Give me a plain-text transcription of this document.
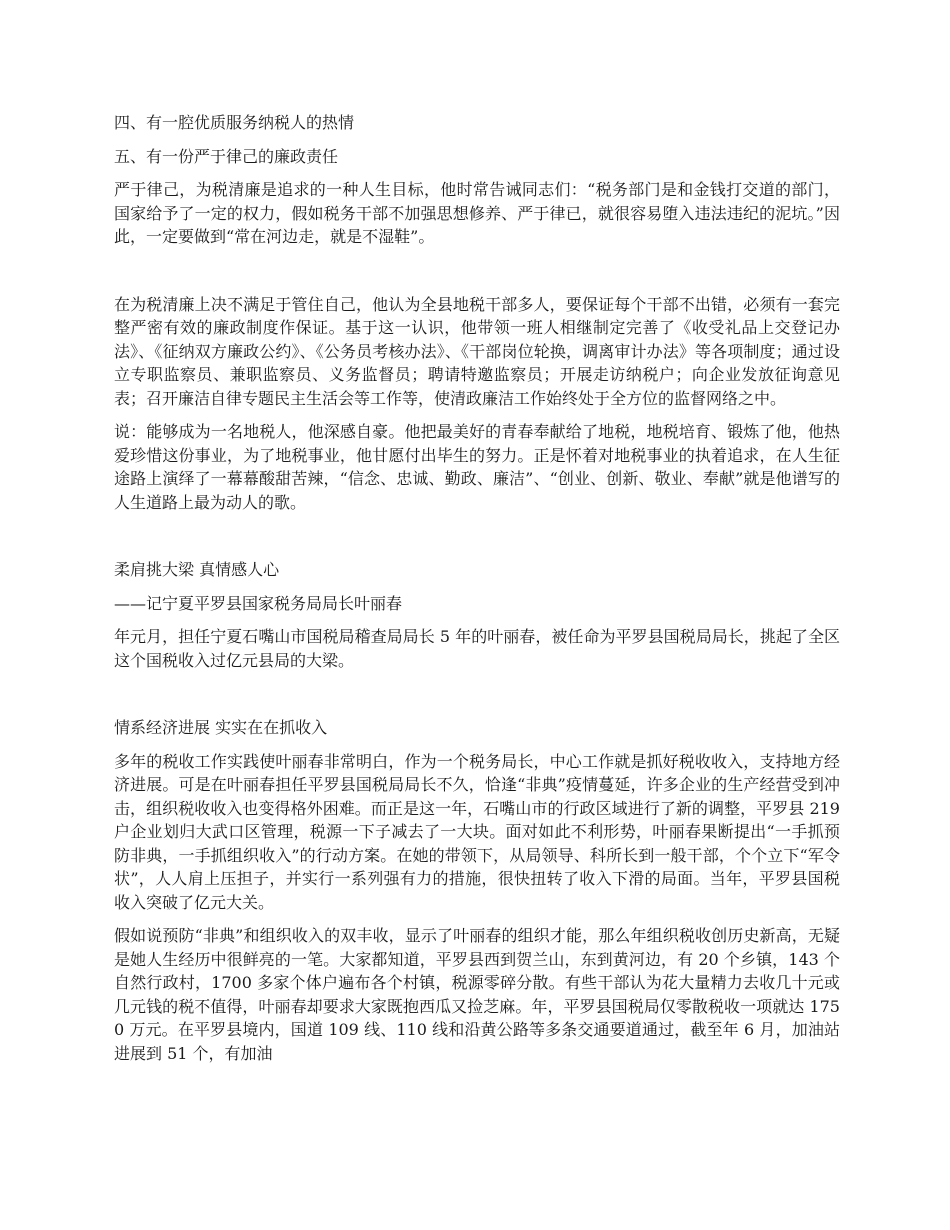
四、有一腔优质服务纳税人的热情

五、有一份严于律己的廉政责任

严于律己，为税清廉是追求的一种人生目标，他时常告诫同志们：“税务部门是和金钱打交道的部门，国家给予了一定的权力，假如税务干部不加强思想修养、严于律已，就很容易堕入违法违纪的泥坑。”因此，一定要做到“常在河边走，就是不湿鞋”。

在为税清廉上决不满足于管住自己，他认为全县地税干部多人，要保证每个干部不出错，必须有一套完整严密有效的廉政制度作保证。基于这一认识，他带领一班人相继制定完善了《收受礼品上交登记办法》、《征纳双方廉政公约》、《公务员考核办法》、《干部岗位轮换，调离审计办法》等各项制度；通过设立专职监察员、兼职监察员、义务监督员；聘请特邀监察员；开展走访纳税户；向企业发放征询意见表；召开廉洁自律专题民主生活会等工作等，使清政廉洁工作始终处于全方位的监督网络之中。

说：能够成为一名地税人，他深感自豪。他把最美好的青春奉献给了地税，地税培育、锻炼了他，他热爱珍惜这份事业，为了地税事业，他甘愿付出毕生的努力。正是怀着对地税事业的执着追求，在人生征途路上演绎了一幕幕酸甜苦辣，“信念、忠诚、勤政、廉洁”、“创业、创新、敬业、奉献”就是他谱写的人生道路上最为动人的歌。

柔肩挑大梁 真情感人心

——记宁夏平罗县国家税务局局长叶丽春

年元月，担任宁夏石嘴山市国税局稽查局局长 5 年的叶丽春，被任命为平罗县国税局局长，挑起了全区这个国税收入过亿元县局的大梁。

情系经济进展 实实在在抓收入

多年的税收工作实践使叶丽春非常明白，作为一个税务局长，中心工作就是抓好税收收入，支持地方经济进展。可是在叶丽春担任平罗县国税局局长不久，恰逢“非典”疫情蔓延，许多企业的生产经营受到冲击，组织税收收入也变得格外困难。而正是这一年，石嘴山市的行政区域进行了新的调整，平罗县 219 户企业划归大武口区管理，税源一下子减去了一大块。面对如此不利形势，叶丽春果断提出“一手抓预防非典，一手抓组织收入”的行动方案。在她的带领下，从局领导、科所长到一般干部，个个立下“军令状”，人人肩上压担子，并实行一系列强有力的措施，很快扭转了收入下滑的局面。当年，平罗县国税收入突破了亿元大关。

假如说预防“非典”和组织收入的双丰收，显示了叶丽春的组织才能，那么年组织税收创历史新高，无疑是她人生经历中很鲜亮的一笔。大家都知道，平罗县西到贺兰山，东到黄河边，有 20 个乡镇，143 个自然行政村，1700 多家个体户遍布各个村镇，税源零碎分散。有些干部认为花大量精力去收几十元或几元钱的税不值得，叶丽春却要求大家既抱西瓜又捡芝麻。年，平罗县国税局仅零散税收一项就达 1750 万元。在平罗县境内，国道 109 线、110 线和沿黄公路等多条交通要道通过，截至年 6 月，加油站进展到 51 个，有加油
